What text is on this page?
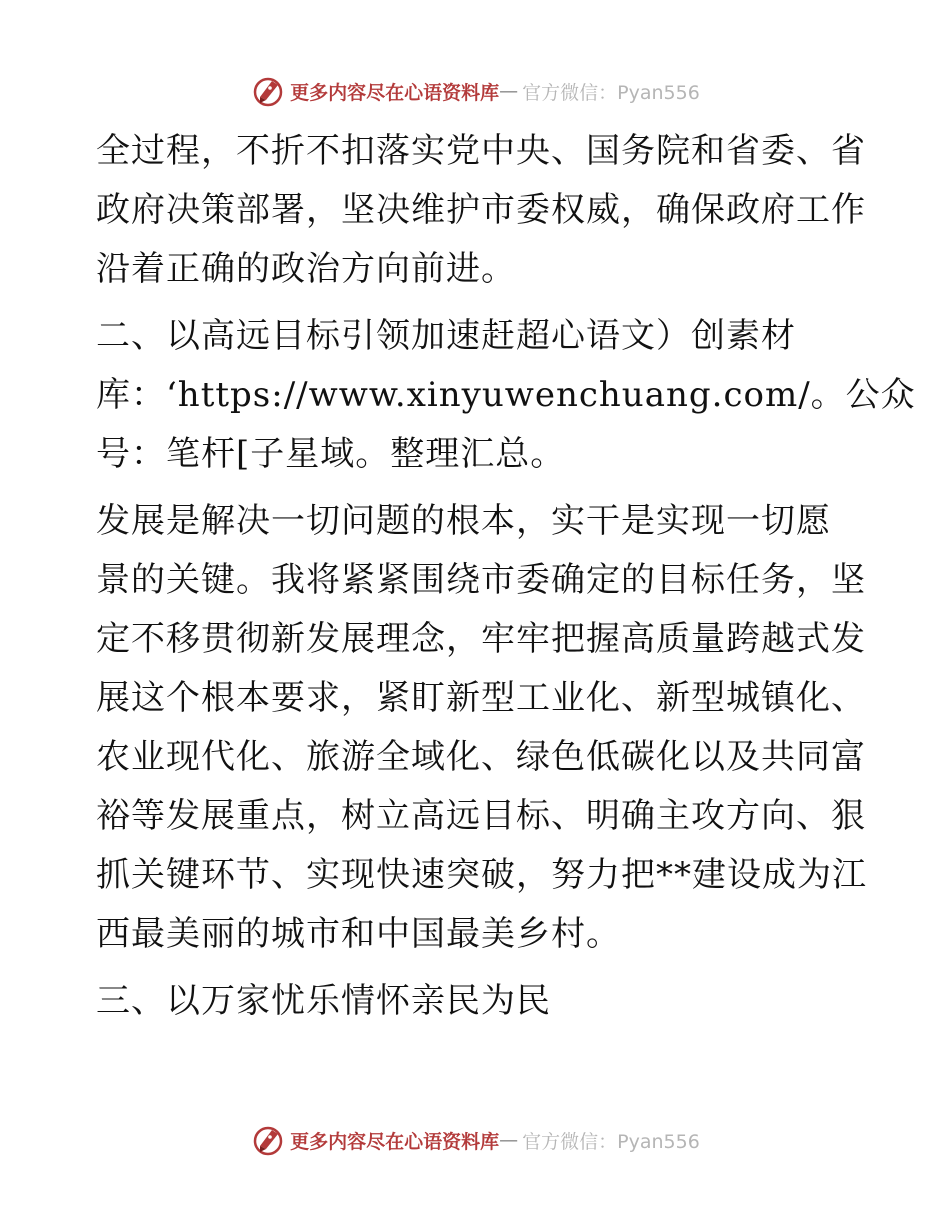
更多内容尽在心语资料库 — 官方微信：Pyan556
全过程，不折不扣落实党中央、国务院和省委、省
政府决策部署，坚决维护市委权威，确保政府工作
沿着正确的政治方向前进。
二、以高远目标引领加速赶超心语文）创素材
库：‘https://www.xinyuwenchuang.com/。公众
号：笔杆[子星域。整理汇总。
发展是解决一切问题的根本，实干是实现一切愿
景的关键。我将紧紧围绕市委确定的目标任务，坚
定不移贯彻新发展理念，牢牢把握高质量跨越式发
展这个根本要求，紧盯新型工业化、新型城镇化、
农业现代化、旅游全域化、绿色低碳化以及共同富
裕等发展重点，树立高远目标、明确主攻方向、狠
抓关键环节、实现快速突破，努力把**建设成为江
西最美丽的城市和中国最美乡村。
三、以万家忧乐情怀亲民为民
更多内容尽在心语资料库 — 官方微信：Pyan556
